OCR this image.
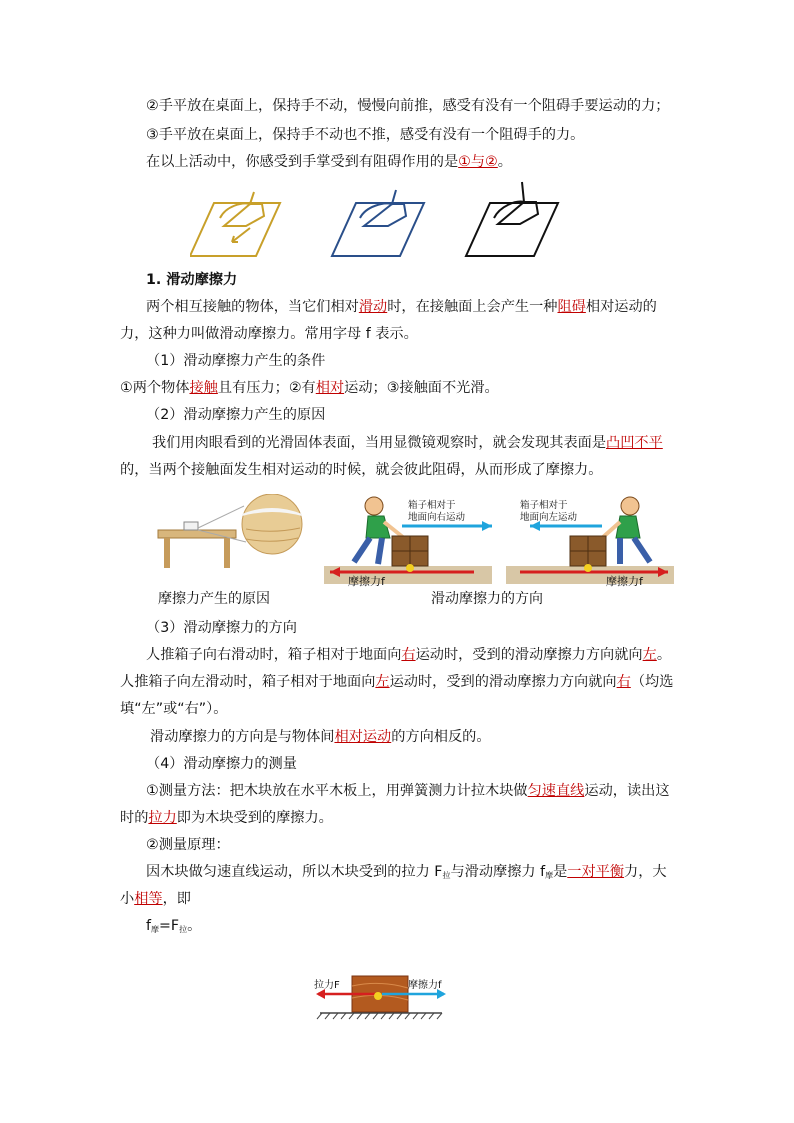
②手平放在桌面上，保持手不动，慢慢向前推，感受有没有一个阻碍手要运动的力；
③手平放在桌面上，保持手不动也不推，感受有没有一个阻碍手的力。
在以上活动中，你感受到手掌受到有阻碍作用的是①与②。
1. 滑动摩擦力
两个相互接触的物体，当它们相对滑动时，在接触面上会产生一种阻碍相对运动的
力，这种力叫做滑动摩擦力。常用字母 f 表示。
（1）滑动摩擦力产生的条件
①两个物体接触且有压力；②有相对运动；③接触面不光滑。
（2）滑动摩擦力产生的原因
我们用肉眼看到的光滑固体表面，当用显微镜观察时，就会发现其表面是凸凹不平
的，当两个接触面发生相对运动的时候，就会彼此阻碍，从而形成了摩擦力。
箱子相对于
地面向右运动
箱子相对于
地面向左运动
摩擦力f	摩擦力f
摩擦力产生的原因	滑动摩擦力的方向
（3）滑动摩擦力的方向
人推箱子向右滑动时，箱子相对于地面向右运动时，受到的滑动摩擦力方向就向左。
人推箱子向左滑动时，箱子相对于地面向左运动时，受到的滑动摩擦力方向就向右（均选
填“左”或“右”）。
滑动摩擦力的方向是与物体间相对运动的方向相反的。
（4）滑动摩擦力的测量
①测量方法：把木块放在水平木板上，用弹簧测力计拉木块做匀速直线运动，读出这
时的拉力即为木块受到的摩擦力。
②测量原理：
因木块做匀速直线运动，所以木块受到的拉力 $F_拉$与滑动摩擦力 $f_摩$是一对平衡力，大
小相等，即
$f_摩=F_拉$。
拉力F	摩擦力f
